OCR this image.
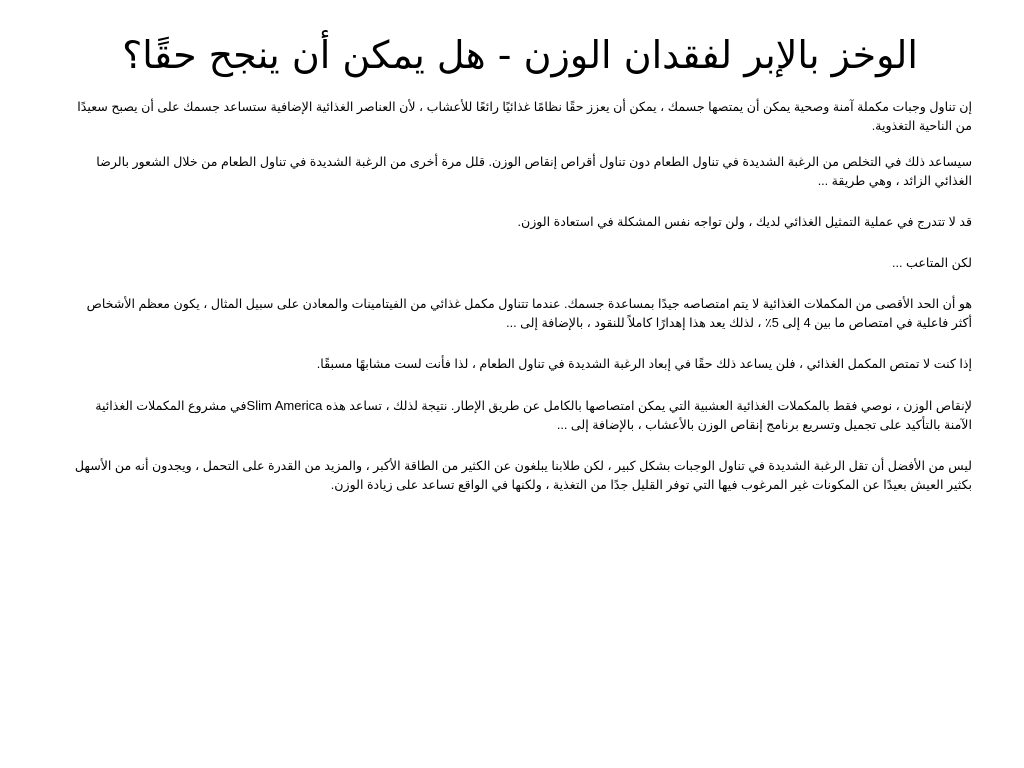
الوخز بالإبر لفقدان الوزن - هل يمكن أن ينجح حقًا؟

إن تناول وجبات مكملة آمنة وصحية يمكن أن يمتصها جسمك ، يمكن أن يعزز حقًا نظامًا غذائيًا رائعًا للأعشاب ، لأن العناصر الغذائية الإضافية ستساعد جسمك على أن يصبح سعيدًا من الناحية التغذوية.

سيساعد ذلك في التخلص من الرغبة الشديدة في تناول الطعام دون تناول أقراص إنقاص الوزن. قلل مرة أخرى من الرغبة الشديدة في تناول الطعام من خلال الشعور بالرضا الغذائي الزائد ، وهي طريقة ...

قد لا تتدرج في عملية التمثيل الغذائي لديك ، ولن تواجه نفس المشكلة في استعادة الوزن.

لكن المتاعب ...

هو أن الحد الأقصى من المكملات الغذائية لا يتم امتصاصه جيدًا بمساعدة جسمك. عندما تتناول مكمل غذائي من الفيتامينات والمعادن على سبيل المثال ، يكون معظم الأشخاص أكثر فاعلية في امتصاص ما بين 4 إلى 5٪ ، لذلك يعد هذا إهدارًا كاملاً للنقود ، بالإضافة إلى ...

إذا كنت لا تمتص المكمل الغذائي ، فلن يساعد ذلك حقًا في إبعاد الرغبة الشديدة في تناول الطعام ، لذا فأنت لست مشابهًا مسبقًا.

لإنقاص الوزن ، نوصي فقط بالمكملات الغذائية العشبية التي يمكن امتصاصها بالكامل عن طريق الإطار. نتيجة لذلك ، تساعد هذه Slim Americaفي مشروع المكملات الغذائية الآمنة بالتأكيد على تجميل وتسريع برنامج إنقاص الوزن بالأعشاب ، بالإضافة إلى ...

ليس من الأفضل أن تقل الرغبة الشديدة في تناول الوجبات بشكل كبير ، لكن طلابنا يبلغون عن الكثير من الطاقة الأكبر ، والمزيد من القدرة على التحمل ، ويجدون أنه من الأسهل بكثير العيش بعيدًا عن المكونات غير المرغوب فيها التي توفر القليل جدًا من التغذية ، ولكنها في الواقع تساعد على زيادة الوزن.
